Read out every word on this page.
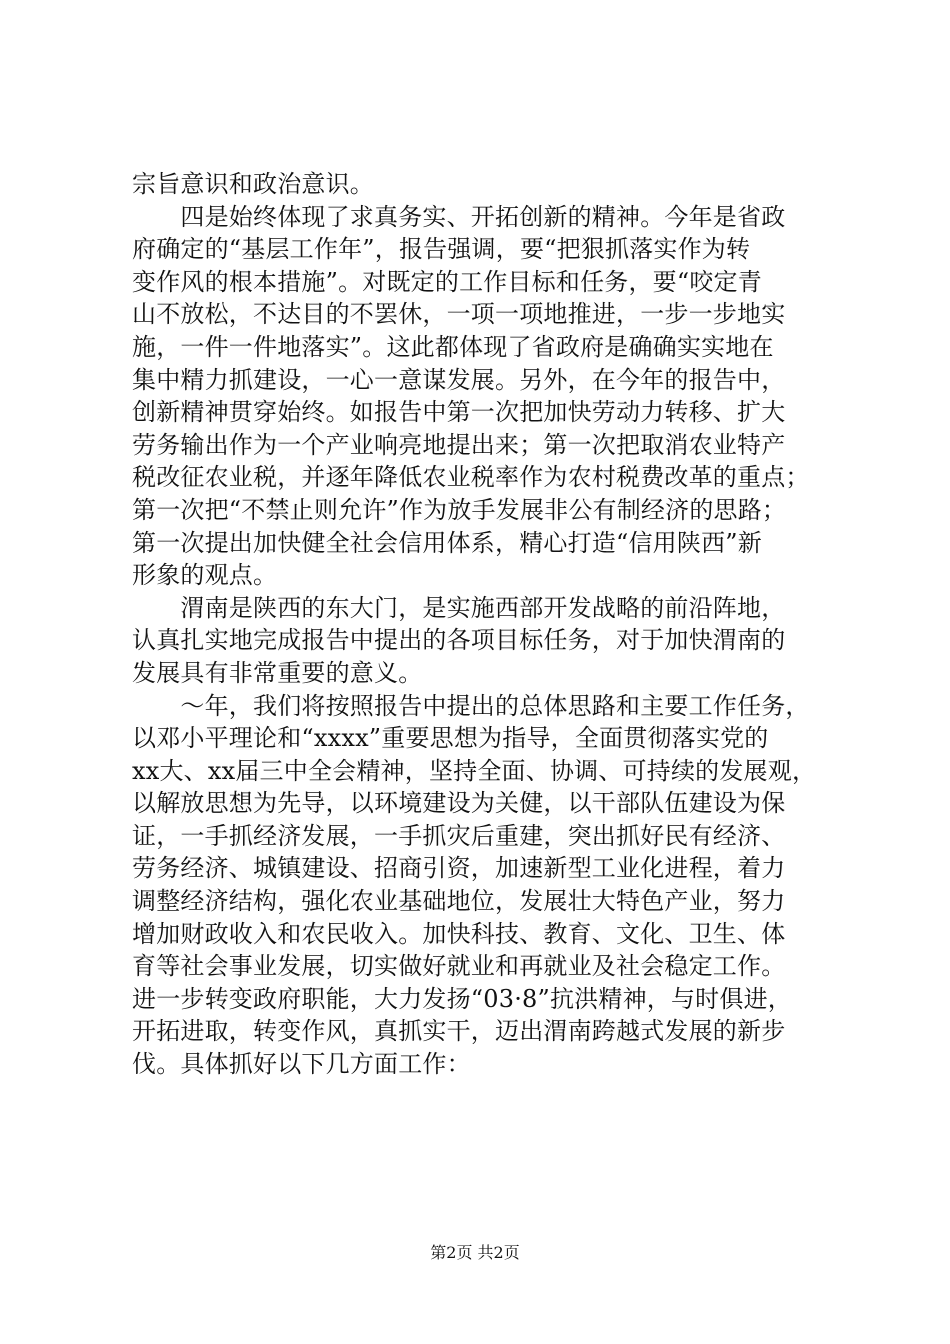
宗旨意识和政治意识。
　　四是始终体现了求真务实、开拓创新的精神。今年是省政
府确定的“基层工作年”，报告强调，要“把狠抓落实作为转
变作风的根本措施”。对既定的工作目标和任务，要“咬定青
山不放松，不达目的不罢休，一项一项地推进，一步一步地实
施，一件一件地落实”。这此都体现了省政府是确确实实地在
集中精力抓建设，一心一意谋发展。另外，在今年的报告中，
创新精神贯穿始终。如报告中第一次把加快劳动力转移、扩大
劳务输出作为一个产业响亮地提出来；第一次把取消农业特产
税改征农业税，并逐年降低农业税率作为农村税费改革的重点；
第一次把“不禁止则允许”作为放手发展非公有制经济的思路；
第一次提出加快健全社会信用体系，精心打造“信用陕西”新
形象的观点。
　　渭南是陕西的东大门，是实施西部开发战略的前沿阵地，
认真扎实地完成报告中提出的各项目标任务，对于加快渭南的
发展具有非常重要的意义。
　　～年，我们将按照报告中提出的总体思路和主要工作任务，
以邓小平理论和“xxxx”重要思想为指导，全面贯彻落实党的
xx大、xx届三中全会精神，坚持全面、协调、可持续的发展观，
以解放思想为先导，以环境建设为关健，以干部队伍建设为保
证，一手抓经济发展，一手抓灾后重建，突出抓好民有经济、
劳务经济、城镇建设、招商引资，加速新型工业化进程，着力
调整经济结构，强化农业基础地位，发展壮大特色产业，努力
增加财政收入和农民收入。加快科技、教育、文化、卫生、体
育等社会事业发展，切实做好就业和再就业及社会稳定工作。
进一步转变政府职能，大力发扬“03·8”抗洪精神，与时俱进，
开拓进取，转变作风，真抓实干，迈出渭南跨越式发展的新步
伐。具体抓好以下几方面工作：
第2页 共2页
